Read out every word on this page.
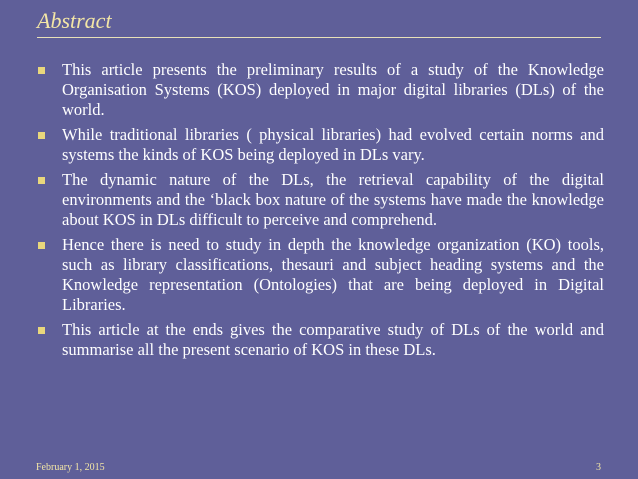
Abstract
This article presents the preliminary results of a study of the Knowledge Organisation Systems (KOS) deployed in major digital libraries (DLs) of the world.
While traditional libraries ( physical libraries) had evolved certain norms and systems the kinds of KOS being deployed in DLs vary.
The dynamic nature of the DLs, the retrieval capability of the digital environments and the ‘black box nature of the systems have made the knowledge about KOS in DLs difficult to perceive and comprehend.
Hence there is need to study in depth the knowledge organization (KO) tools, such as library classifications, thesauri and subject heading systems and the Knowledge representation (Ontologies) that are being deployed in Digital Libraries.
This article at the ends gives the comparative study of DLs of the world and summarise all the present scenario of KOS in these DLs.
February 1, 2015	3
